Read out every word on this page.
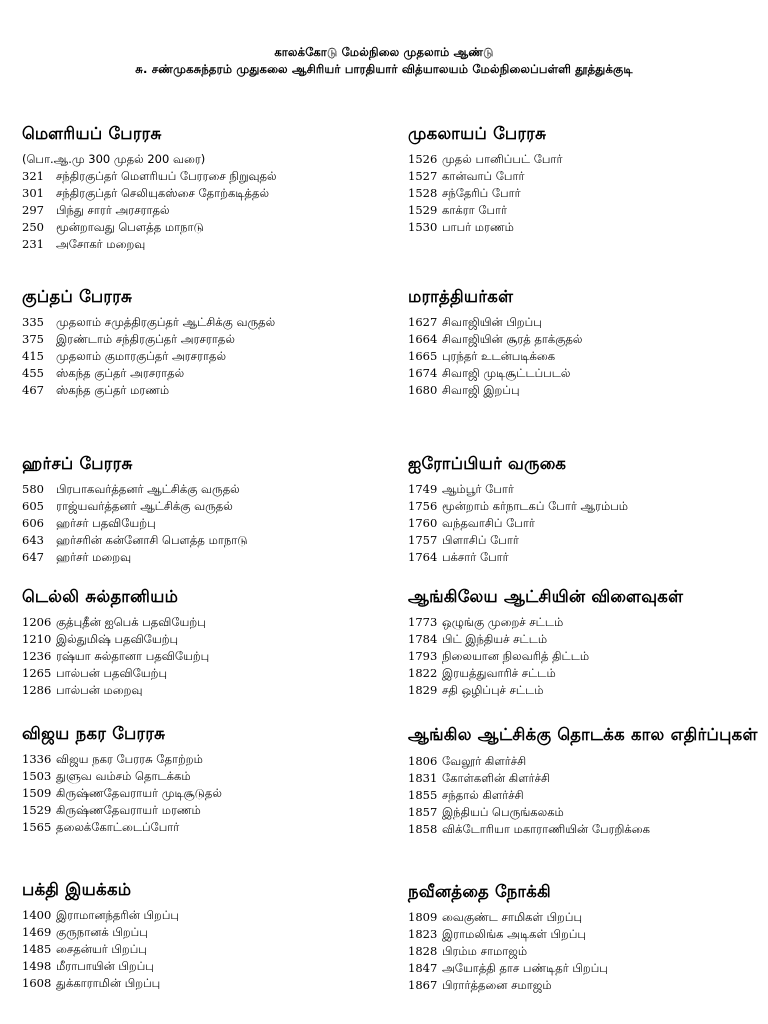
காலக்கோடு மேல்நிலை முதலாம் ஆண்டு
சு. சண்முகசுந்தரம் முதுகலை ஆசிரியர் பாரதியார் வித்யாலயம் மேல்நிலைப்பள்ளி தூத்துக்குடி
மௌரியப் பேரரசு

(பொ.ஆ.மு 300 முதல் 200 வரை)

321 சந்திரகுப்தர் மௌரியப் பேரரசை நிறுவுதல்
301 சந்திரகுப்தர் செலியுகஸ்சை தோற்கடித்தல்
297 பிந்து சாரர் அரசராதல்
250 மூன்றாவது பௌத்த மாநாடு
231 அசோகர் மறைவு
குப்தப் பேரரசு
335 முதலாம் சமுத்திரகுப்தர் ஆட்சிக்கு வருதல்
375 இரண்டாம் சந்திரகுப்தர் அரசராதல்
415 முதலாம் குமாரகுப்தர் அரசராதல்
455 ஸ்கந்த குப்தர் அரசராதல்
467 ஸ்கந்த குப்தர் மரணம்
ஹர்சப் பேரரசு
580 பிரபாகவர்த்தனர் ஆட்சிக்கு வருதல்
605 ராஜ்யவர்த்தனர் ஆட்சிக்கு வருதல்
606 ஹர்சர் பதவியேற்பு
643 ஹர்சரின் கன்னோசி பௌத்த மாநாடு
647 ஹர்சர் மறைவு
டெல்லி சுல்தானியம்
1206 குத்புதீன் ஐபெக் பதவியேற்பு
1210 இல்துமிஷ் பதவியேற்பு
1236 ரஷ்யா சுல்தானா பதவியேற்பு
1265 பால்பன் பதவியேற்பு
1286 பால்பன் மறைவு
விஜய நகர பேரரசு
1336 விஜய நகர பேரரசு தோற்றம்
1503 துளுவ வம்சம் தொடக்கம்
1509 கிருஷ்ணதேவராயர் முடிசூடுதல்
1529 கிருஷ்ணதேவராயர் மரணம்
1565 தலைக்கோட்டைப்போர்
பக்தி இயக்கம்
1400 இராமானந்தரின் பிறப்பு
1469 குருநானக் பிறப்பு
1485 சைதன்யர் பிறப்பு
1498 மீராபாயின் பிறப்பு
1608 துக்காராமின் பிறப்பு
முகலாயப் பேரரசு
1526 முதல் பானிப்பட் போர்
1527 கான்வாப் போர்
1528 சந்தேரிப் போர்
1529 காக்ரா போர்
1530 பாபர் மரணம்
மராத்தியர்கள்
1627 சிவாஜியின் பிறப்பு
1664 சிவாஜியின் சூரத் தாக்குதல்
1665 புரந்தர் உடன்படிக்கை
1674 சிவாஜி முடிசூட்டப்படல்
1680 சிவாஜி இறப்பு
ஐரோப்பியர் வருகை
1749 ஆம்பூர் போர்
1756 மூன்றாம் கர்நாடகப் போர் ஆரம்பம்
1760 வந்தவாசிப் போர்
1757 பிளாசிப் போர்
1764 பக்சார் போர்
ஆங்கிலேய ஆட்சியின் விளைவுகள்
1773 ஒழுங்கு முறைச் சட்டம்
1784 பிட் இந்தியச் சட்டம்
1793 நிலையான நிலவரித் திட்டம்
1822 இரயத்துவாரிச் சட்டம்
1829 சதி ஒழிப்புச் சட்டம்
ஆங்கில ஆட்சிக்கு தொடக்க கால எதிர்ப்புகள்
1806 வேலூர் கிளர்ச்சி
1831 கோள்களின் கிளர்ச்சி
1855 சந்தால் கிளர்ச்சி
1857 இந்தியப் பெருங்கலகம்
1858 விக்டோரியா மகாராணியின் பேரறிக்கை
நவீனத்தை நோக்கி
1809 வைகுண்ட சாமிகள் பிறப்பு
1823 இராமலிங்க அடிகள் பிறப்பு
1828 பிரம்ம சாமாஜம்
1847 அயோத்தி தாச பண்டிதர் பிறப்பு
1867 பிரார்த்தனை சமாஜம்
